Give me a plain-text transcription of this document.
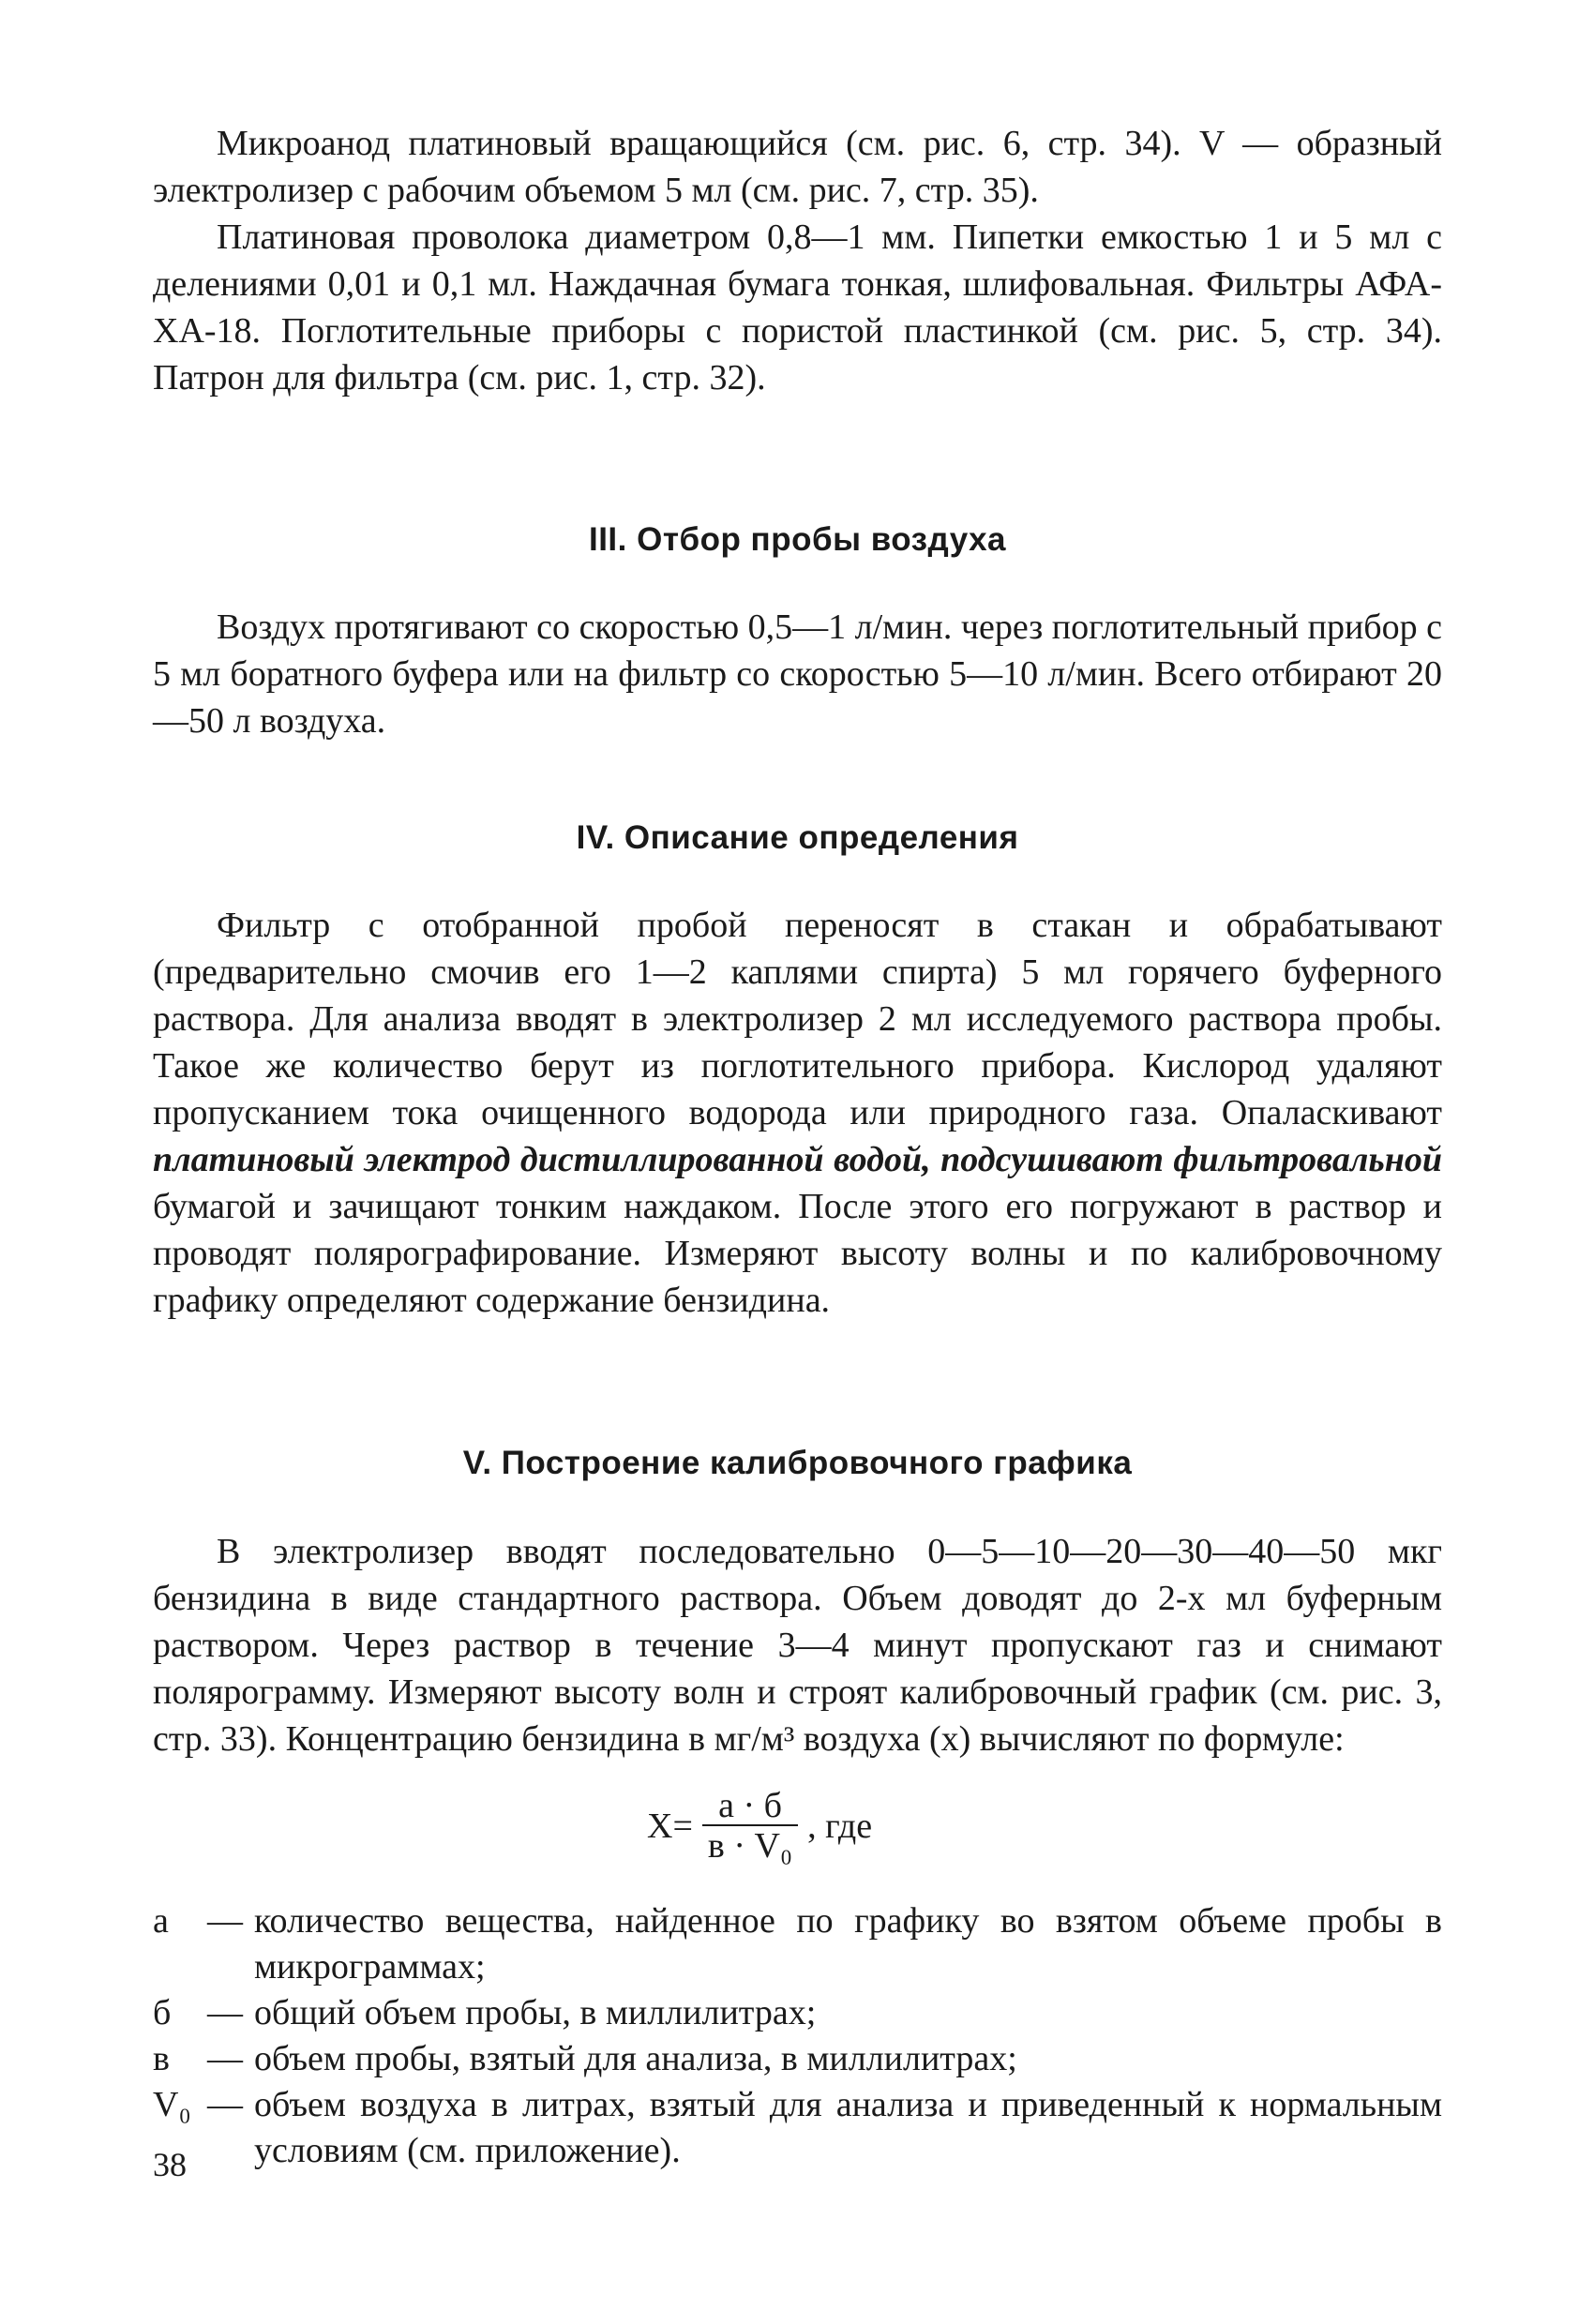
Микроанод платиновый вращающийся (см. рис. 6, стр. 34). V — образный электролизер с рабочим объемом 5 мл (см. рис. 7, стр. 35).

Платиновая проволока диаметром 0,8—1 мм. Пипетки емкостью 1 и 5 мл с делениями 0,01 и 0,1 мл. Наждачная бумага тонкая, шлифовальная. Фильтры АФА-ХА-18. Поглотительные приборы с пористой пластинкой (см. рис. 5, стр. 34). Патрон для фильтра (см. рис. 1, стр. 32).

III. Отбор пробы воздуха

Воздух протягивают со скоростью 0,5—1 л/мин. через поглотительный прибор с 5 мл боратного буфера или на фильтр со скоростью 5—10 л/мин. Всего отбирают 20—50 л воздуха.

IV. Описание определения

Фильтр с отобранной пробой переносят в стакан и обрабатывают (предварительно смочив его 1—2 каплями спирта) 5 мл горячего буферного раствора. Для анализа вводят в электролизер 2 мл исследуемого раствора пробы. Такое же количество берут из поглотительного прибора. Кислород удаляют пропусканием тока очищенного водорода или природного газа. Опаласкивают платиновый электрод дистиллированной водой, подсушивают фильтровальной бумагой и зачищают тонким наждаком. После этого его погружают в раствор и проводят полярографирование. Измеряют высоту волны и по калибровочному графику определяют содержание бензидина.

V. Построение калибровочного графика

В электролизер вводят последовательно 0—5—10—20—30—40—50 мкг бензидина в виде стандартного раствора. Объем доводят до 2-х мл буферным раствором. Через раствор в течение 3—4 минут пропускают газ и снимают полярограмму. Измеряют высоту волн и строят калибровочный график (см. рис. 3, стр. 33). Концентрацию бензидина в мг/м³ воздуха (х) вычисляют по формуле:

$X= \frac{а \cdot б}{\text{в · V₀}}$ , где
а	— количество вещества, найденное по графику во взятом объеме пробы в микрограммах;
б	— общий объем пробы, в миллилитрах;
в	— объем пробы, взятый для анализа, в миллилитрах;
V₀ — объем воздуха в литрах, взятый для анализа и приведенный к нормальным условиям (см. приложение).
38
